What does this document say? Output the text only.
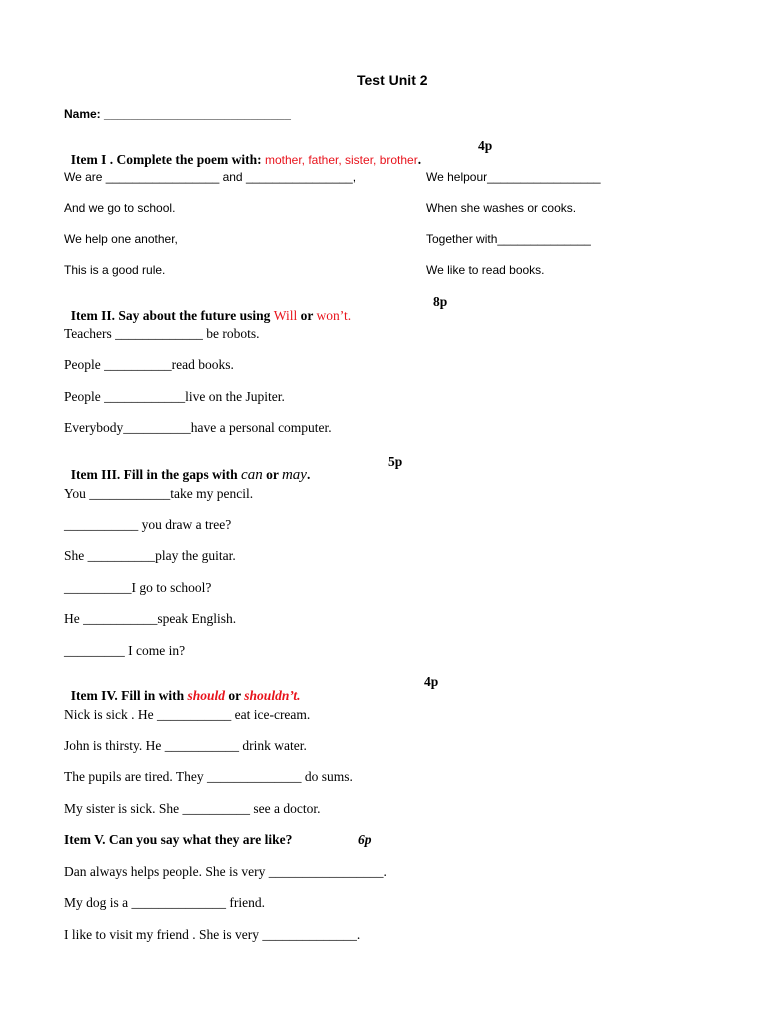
Test Unit 2
Name: ____________________________

Item I . Complete the poem with: mother, father, sister, brother.

4p
We are _________________ and ________________,
And we go to school.
We help one another,
This is a good rule.
We helpour_________________
When she washes or cooks.
Together with______________
We like to read books.

Item II. Say about the future using Will or won’t.

8p
Teachers _____________ be robots.
People __________read books.
People ____________live on the Jupiter.
Everybody__________have a personal computer.

Item III. Fill in the gaps with can or may.

5p
You ____________take my pencil.
___________ you draw a tree?
She __________play the guitar.
__________I go to school?
He ___________speak English.
_________ I come in?

Item IV. Fill in with should or shouldn’t.

4p
Nick is sick . He ___________ eat ice-cream.
John is thirsty. He ___________ drink water.
The pupils are tired. They ______________ do sums.
My sister is sick. She __________ see a doctor.
Item V. Can you say what they are like?	6p
Dan always helps people. She is very _________________.
My dog is a ______________ friend.
I like to visit my friend . She is very ______________.
